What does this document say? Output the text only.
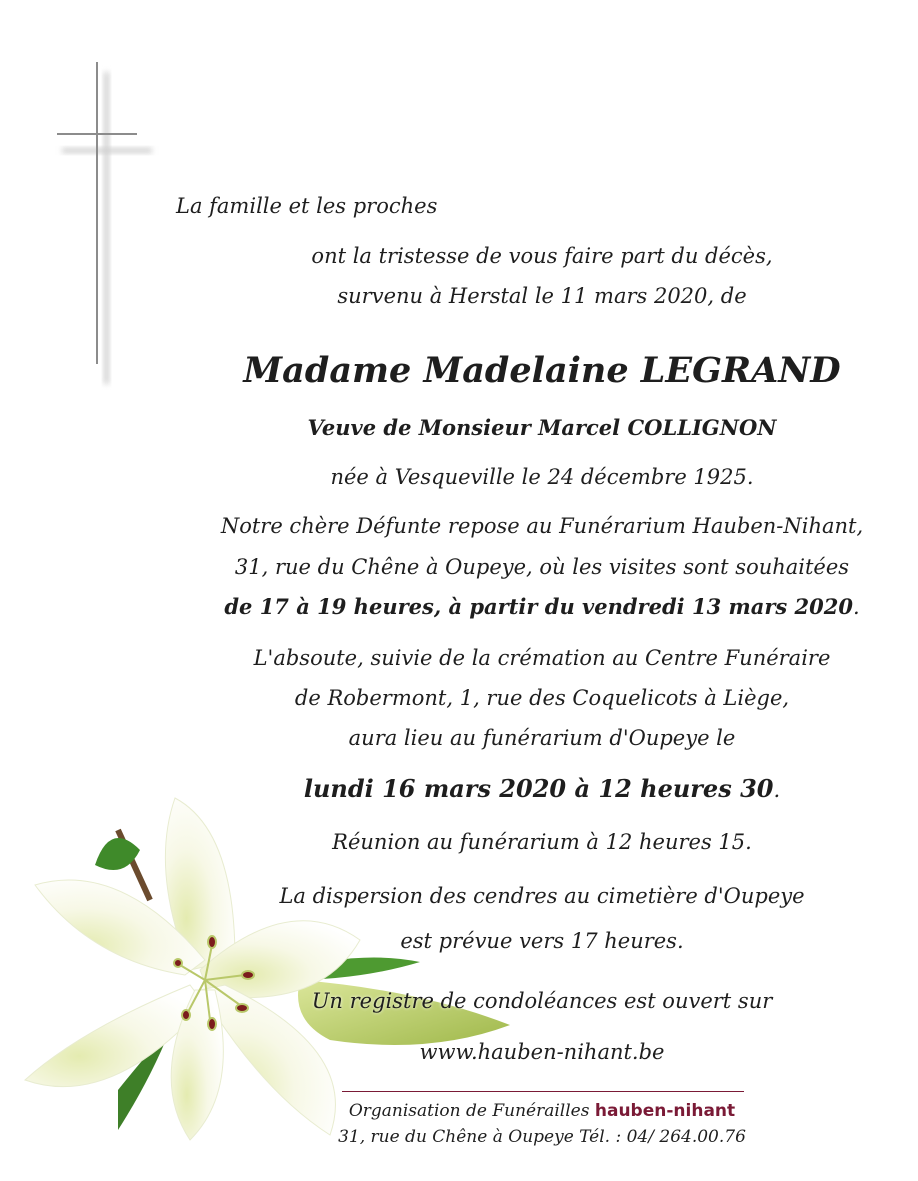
La famille et les proches
ont la tristesse de vous faire part du décès,
survenu à Herstal le 11 mars 2020, de
Madame Madelaine LEGRAND
Veuve de Monsieur Marcel COLLIGNON
née à Vesqueville le 24 décembre 1925.
Notre chère Défunte repose au Funérarium Hauben-Nihant,
31, rue du Chêne à Oupeye, où les visites sont souhaitées
de 17 à 19 heures, à partir du vendredi 13 mars 2020.
L'absoute, suivie de la crémation au Centre Funéraire
de Robermont, 1, rue des Coquelicots à Liège,
aura lieu au funérarium d'Oupeye le
lundi 16 mars 2020 à 12 heures 30.
Réunion au funérarium à 12 heures 15.
La dispersion des cendres au cimetière d'Oupeye
est prévue vers 17 heures.
Un registre de condoléances est ouvert sur
www.hauben-nihant.be
Organisation de Funérailles hauben-nihant
31, rue du Chêne à Oupeye Tél. : 04/ 264.00.76
